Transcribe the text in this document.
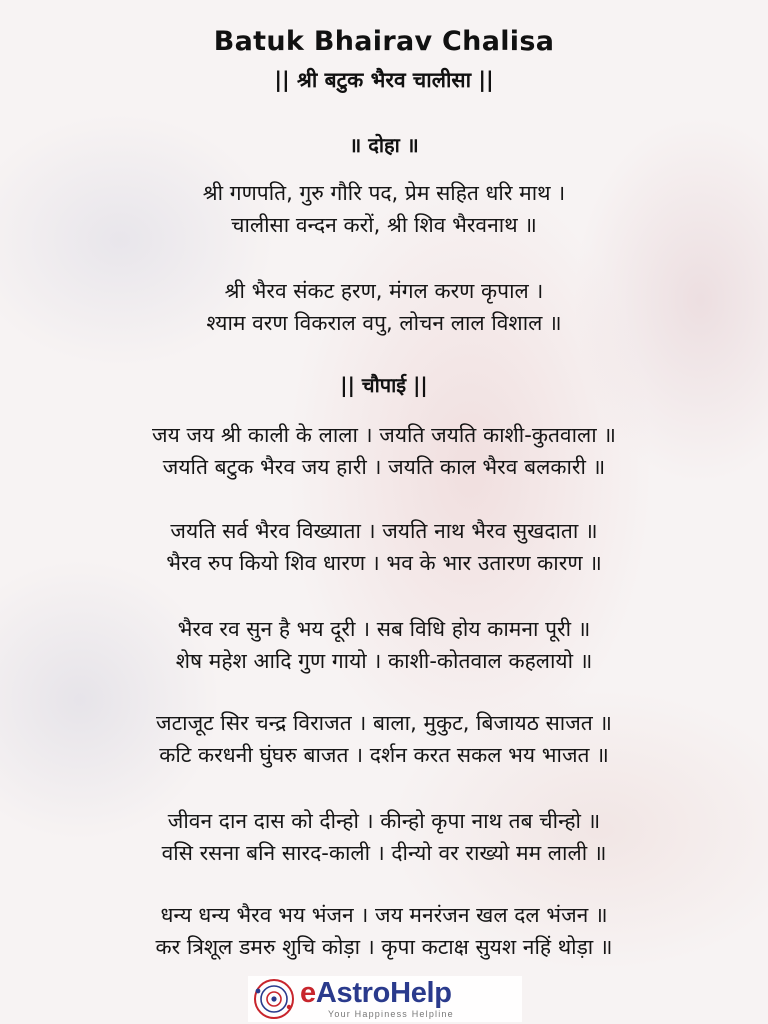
Batuk Bhairav Chalisa
|| श्री बटुक भैरव चालीसा ||
॥ दोहा ॥
श्री गणपति, गुरु गौरि पद, प्रेम सहित धरि माथ ।
चालीसा वन्दन करों, श्री शिव भैरवनाथ ॥
श्री भैरव संकट हरण, मंगल करण कृपाल ।
श्याम वरण विकराल वपु, लोचन लाल विशाल ॥
|| चौपाई ||
जय जय श्री काली के लाला । जयति जयति काशी-कुतवाला ॥
जयति बटुक भैरव जय हारी । जयति काल भैरव बलकारी ॥
जयति सर्व भैरव विख्याता । जयति नाथ भैरव सुखदाता ॥
भैरव रुप कियो शिव धारण । भव के भार उतारण कारण ॥
भैरव रव सुन है भय दूरी । सब विधि होय कामना पूरी ॥
शेष महेश आदि गुण गायो । काशी-कोतवाल कहलायो ॥
जटाजूट सिर चन्द्र विराजत । बाला, मुकुट, बिजायठ साजत ॥
कटि करधनी घुंघरु बाजत । दर्शन करत सकल भय भाजत ॥
जीवन दान दास को दीन्हो । कीन्हो कृपा नाथ तब चीन्हो ॥
वसि रसना बनि सारद-काली । दीन्यो वर राख्यो मम लाली ॥
धन्य धन्य भैरव भय भंजन । जय मनरंजन खल दल भंजन ॥
कर त्रिशूल डमरु शुचि कोड़ा । कृपा कटाक्ष सुयश नहिं थोड़ा ॥
eAstroHelp
Your Happiness Helpline
